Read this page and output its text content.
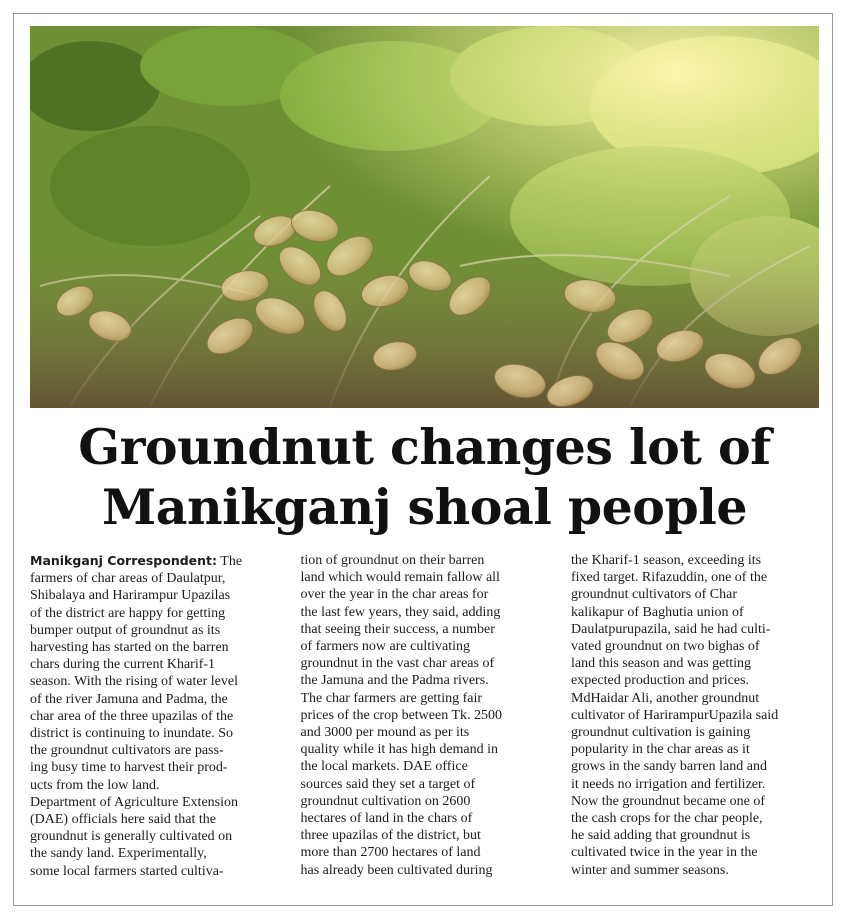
Groundnut changes lot of
Manikganj shoal people
Manikganj Correspondent: The
farmers of char areas of Daulatpur,
Shibalaya and Harirampur Upazilas
of the district are happy for getting
bumper output of groundnut as its
harvesting has started on the barren
chars during the current Kharif-1
season. With the rising of water level
of the river Jamuna and Padma, the
char area of the three upazilas of the
district is continuing to inundate. So
the groundnut cultivators are pass-
ing busy time to harvest their prod-
ucts from the low land.
Department of Agriculture Extension
(DAE) officials here said that the
groundnut is generally cultivated on
the sandy land. Experimentally,
some local farmers started cultiva-
tion of groundnut on their barren
land which would remain fallow all
over the year in the char areas for
the last few years, they said, adding
that seeing their success, a number
of farmers now are cultivating
groundnut in the vast char areas of
the Jamuna and the Padma rivers.
The char farmers are getting fair
prices of the crop between Tk. 2500
and 3000 per mound as per its
quality while it has high demand in
the local markets. DAE office
sources said they set a target of
groundnut cultivation on 2600
hectares of land in the chars of
three upazilas of the district, but
more than 2700 hectares of land
has already been cultivated during
the Kharif-1 season, exceeding its
fixed target. Rifazuddin, one of the
groundnut cultivators of Char
kalikapur of Baghutia union of
Daulatpurupazila, said he had culti-
vated groundnut on two bighas of
land this season and was getting
expected production and prices.
MdHaidar Ali, another groundnut
cultivator of HarirampurUpazila said
groundnut cultivation is gaining
popularity in the char areas as it
grows in the sandy barren land and
it needs no irrigation and fertilizer.
Now the groundnut became one of
the cash crops for the char people,
he said adding that groundnut is
cultivated twice in the year in the
winter and summer seasons.
